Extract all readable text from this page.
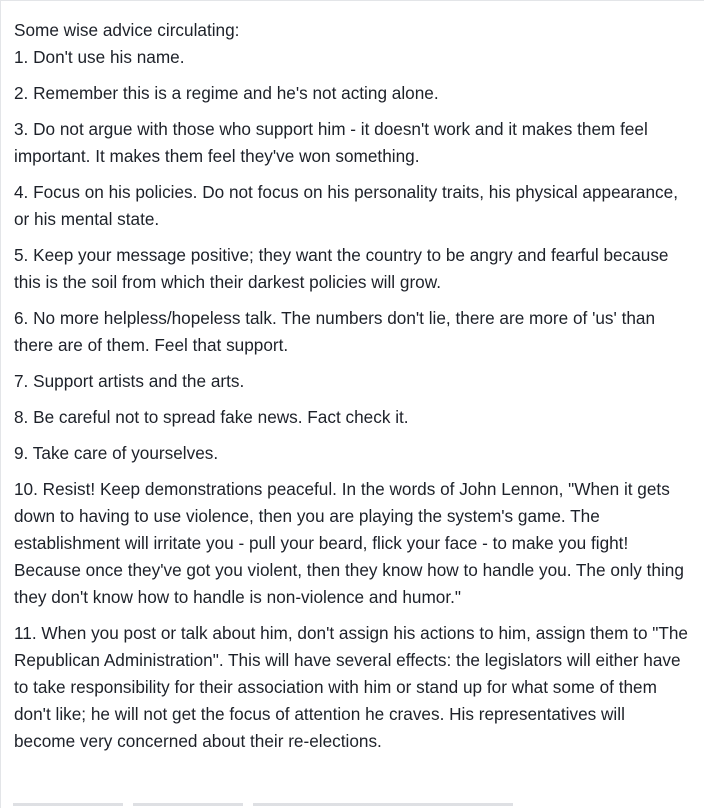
Some wise advice circulating:
1. Don't use his name.
2. Remember this is a regime and he's not acting alone.
3. Do not argue with those who support him - it doesn't work and it makes them feel important. It makes them feel they've won something.
4. Focus on his policies. Do not focus on his personality traits, his physical appearance, or his mental state.
5. Keep your message positive; they want the country to be angry and fearful because this is the soil from which their darkest policies will grow.
6. No more helpless/hopeless talk. The numbers don't lie, there are more of 'us' than there are of them. Feel that support.
7. Support artists and the arts.
8. Be careful not to spread fake news. Fact check it.
9. Take care of yourselves.
10. Resist! Keep demonstrations peaceful. In the words of John Lennon, "When it gets down to having to use violence, then you are playing the system's game. The establishment will irritate you - pull your beard, flick your face - to make you fight! Because once they've got you violent, then they know how to handle you. The only thing they don't know how to handle is non-violence and humor."
11. When you post or talk about him, don't assign his actions to him, assign them to "The Republican Administration". This will have several effects: the legislators will either have to take responsibility for their association with him or stand up for what some of them don't like; he will not get the focus of attention he craves. His representatives will become very concerned about their re-elections.
